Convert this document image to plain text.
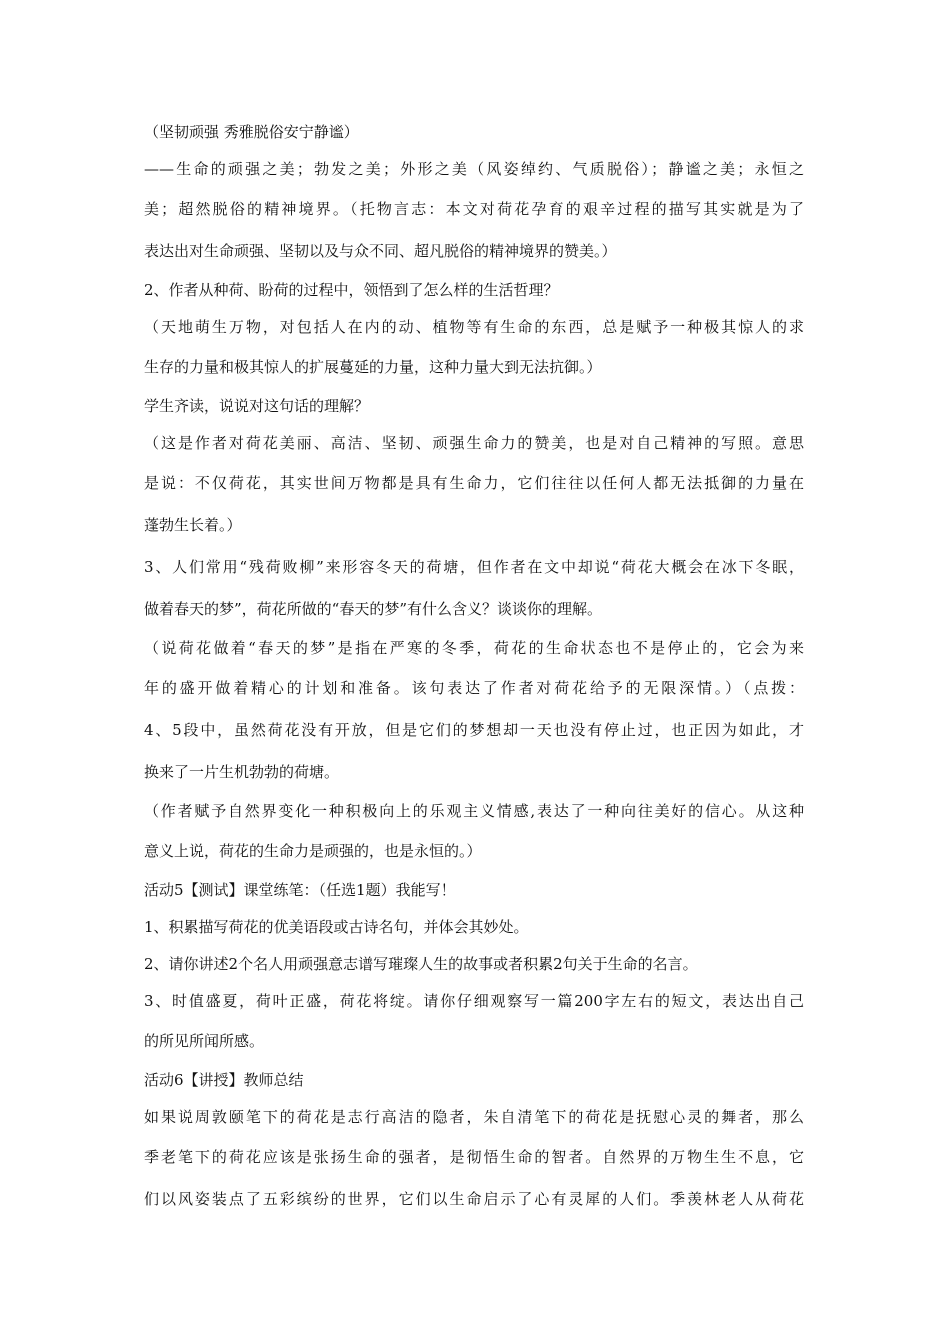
（坚韧顽强 秀雅脱俗安宁静谧）
——生命的顽强之美；勃发之美；外形之美（风姿绰约、气质脱俗）；静谧之美；永恒之
美；超然脱俗的精神境界。（托物言志：本文对荷花孕育的艰辛过程的描写其实就是为了
表达出对生命顽强、坚韧以及与众不同、超凡脱俗的精神境界的赞美。）
2、作者从种荷、盼荷的过程中，领悟到了怎么样的生活哲理？
（天地萌生万物，对包括人在内的动、植物等有生命的东西，总是赋予一种极其惊人的求
生存的力量和极其惊人的扩展蔓延的力量，这种力量大到无法抗御。）
学生齐读，说说对这句话的理解？
（这是作者对荷花美丽、高洁、坚韧、顽强生命力的赞美，也是对自己精神的写照。意思
是说：不仅荷花，其实世间万物都是具有生命力，它们往往以任何人都无法抵御的力量在
蓬勃生长着。）
3、人们常用“残荷败柳”来形容冬天的荷塘，但作者在文中却说“荷花大概会在冰下冬眠，
做着春天的梦”，荷花所做的“春天的梦”有什么含义？谈谈你的理解。
（说荷花做着“春天的梦”是指在严寒的冬季，荷花的生命状态也不是停止的，它会为来
年的盛开做着精心的计划和准备。该句表达了作者对荷花给予的无限深情。）（点拨：
4、5段中，虽然荷花没有开放，但是它们的梦想却一天也没有停止过，也正因为如此，才
换来了一片生机勃勃的荷塘。
（作者赋予自然界变化一种积极向上的乐观主义情感,表达了一种向往美好的信心。从这种
意义上说，荷花的生命力是顽强的，也是永恒的。）
活动5【测试】课堂练笔：（任选1题）我能写！
1、积累描写荷花的优美语段或古诗名句，并体会其妙处。
2、请你讲述2个名人用顽强意志谱写璀璨人生的故事或者积累2句关于生命的名言。
3、时值盛夏，荷叶正盛，荷花将绽。请你仔细观察写一篇200字左右的短文，表达出自己
的所见所闻所感。
活动6【讲授】教师总结
如果说周敦颐笔下的荷花是志行高洁的隐者，朱自清笔下的荷花是抚慰心灵的舞者，那么
季老笔下的荷花应该是张扬生命的强者，是彻悟生命的智者。自然界的万物生生不息，它
们以风姿装点了五彩缤纷的世界，它们以生命启示了心有灵犀的人们。季羡林老人从荷花
